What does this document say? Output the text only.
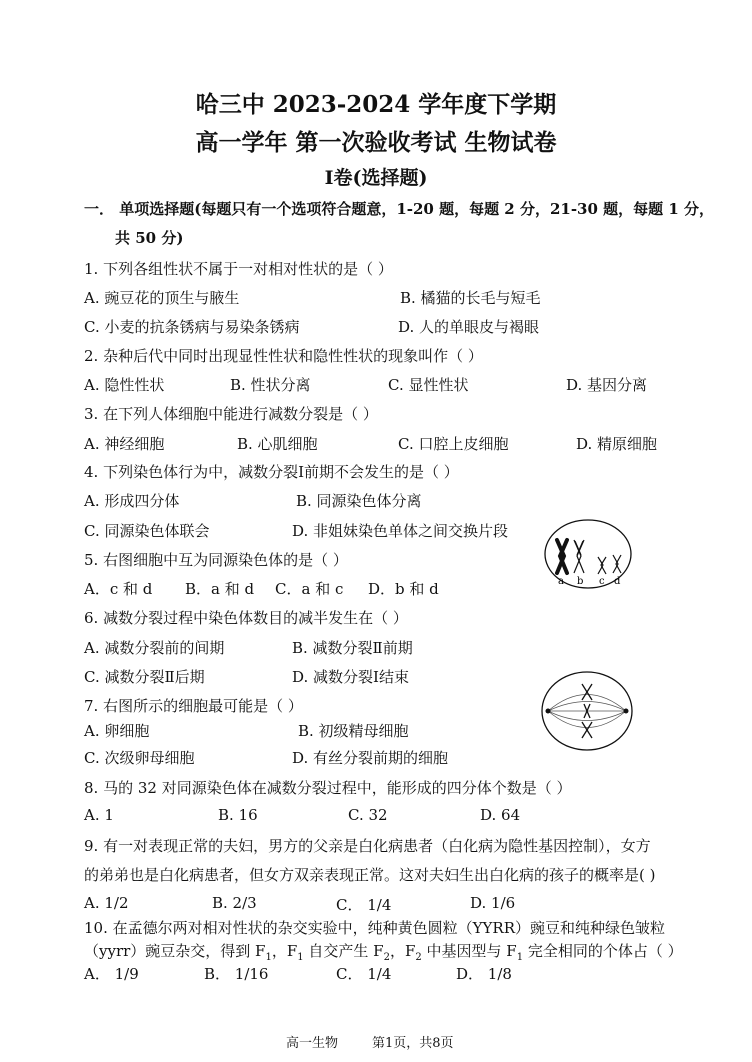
哈三中 2023-2024 学年度下学期
高一学年 第一次验收考试 生物试卷
Ⅰ卷(选择题)
一． 单项选择题(每题只有一个选项符合题意，1-20 题，每题 2 分，21-30 题，每题 1 分，
共 50 分)
1. 下列各组性状不属于一对相对性状的是（ ）
A. 豌豆花的顶生与腋生	B. 橘猫的长毛与短毛
C. 小麦的抗条锈病与易染条锈病	D. 人的单眼皮与褐眼
2. 杂种后代中同时出现显性性状和隐性性状的现象叫作（ ）
A. 隐性性状	B. 性状分离	C. 显性性状	D. 基因分离
3. 在下列人体细胞中能进行减数分裂是（ ）
A. 神经细胞	B. 心肌细胞	C. 口腔上皮细胞	D. 精原细胞
4. 下列染色体行为中，减数分裂Ⅰ前期不会发生的是（ ）
A. 形成四分体	B. 同源染色体分离
C. 同源染色体联会	D. 非姐妹染色单体之间交换片段
5. 右图细胞中互为同源染色体的是（ ）
A．c 和 d B．a 和 d C．a 和 c D．b 和 d	a b c d
6. 减数分裂过程中染色体数目的减半发生在（ ）
A. 减数分裂前的间期	B. 减数分裂Ⅱ前期
C. 减数分裂Ⅱ后期	D. 减数分裂Ⅰ结束
7. 右图所示的细胞最可能是（ ）
A. 卵细胞	B. 初级精母细胞
C. 次级卵母细胞	D. 有丝分裂前期的细胞
8. 马的 32 对同源染色体在减数分裂过程中，能形成的四分体个数是（ ）
A. 1	B. 16	C. 32	D. 64
9. 有一对表现正常的夫妇，男方的父亲是白化病患者（白化病为隐性基因控制），女方
的弟弟也是白化病患者，但女方双亲表现正常。这对夫妇生出白化病的孩子的概率是( )
A. 1/2	B. 2/3	C． 1/4	D. 1/6
10. 在孟德尔两对相对性状的杂交实验中，纯种黄色圆粒（YYRR）豌豆和纯种绿色皱粒
（yyrr）豌豆杂交，得到 $F_1$，$F_1$ 自交产生 $F_2$，$F_2$ 中基因型与 $F_1$ 完全相同的个体占（ ）
A． 1/9	B． 1/16	C． 1/4	D． 1/8
高一生物	第1页，共8页
